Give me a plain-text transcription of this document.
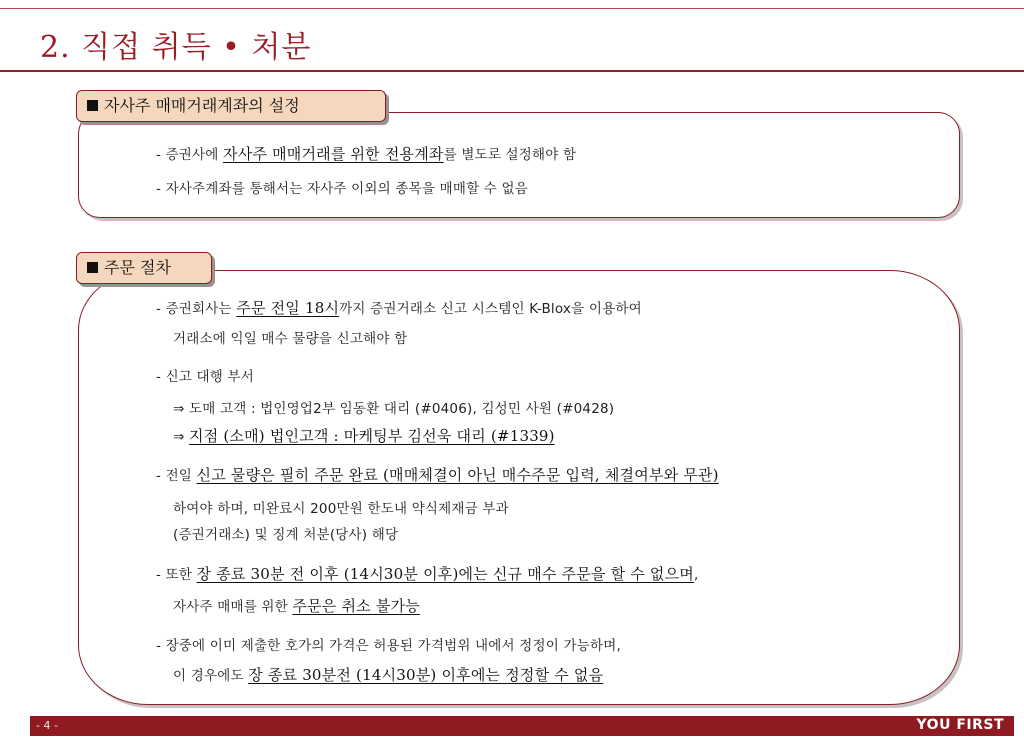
2. 직접 취득 • 처분
자사주 매매거래계좌의 설정
- 증권사에 자사주 매매거래를 위한 전용계좌를 별도로 설정해야 함
- 자사주계좌를 통해서는 자사주 이외의 종목을 매매할 수 없음
주문 절차
- 증권회사는 주문 전일 18시까지 증권거래소 신고 시스템인 K-Blox을 이용하여
거래소에 익일 매수 물량을 신고해야 함
- 신고 대행 부서
⇒ 도매 고객 : 법인영업2부 임동환 대리 (#0406), 김성민 사원 (#0428)
⇒ 지점 (소매) 법인고객 : 마케팅부 김선욱 대리 (#1339)
- 전일 신고 물량은 필히 주문 완료 (매매체결이 아닌 매수주문 입력, 체결여부와 무관)
하여야 하며, 미완료시 200만원 한도내 약식제재금 부과
(증권거래소) 및 징계 처분(당사) 해당
- 또한 장 종료 30분 전 이후 (14시30분 이후)에는 신규 매수 주문을 할 수 없으며,
자사주 매매를 위한 주문은 취소 불가능
- 장중에 이미 제출한 호가의 가격은 허용된 가격범위 내에서 정정이 가능하며,
이 경우에도 장 종료 30분전 (14시30분) 이후에는 정정할 수 없음
- 4 -	YOU FIRST
